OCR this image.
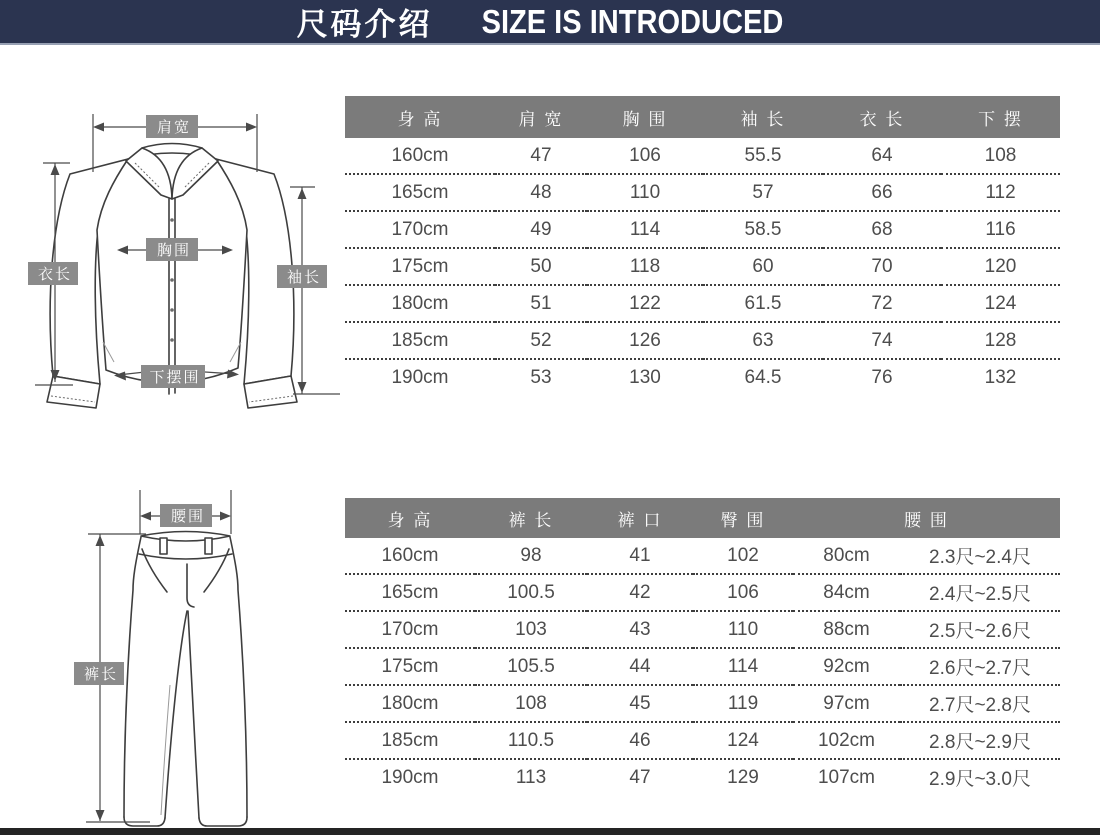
尺码介绍 SIZE IS INTRODUCED
肩宽
胸围
衣长	袖长
下摆围
身 高	肩 宽	胸 围	袖 长	衣 长	下 摆
160cm	47	106	55.5	64	108
165cm	48	110	57	66	112
170cm	49	114	58.5	68	116
175cm	50	118	60	70	120
180cm	51	122	61.5	72	124
185cm	52	126	63	74	128
190cm	53	130	64.5	76	132
腰围
裤长
身 高	裤 长	裤 口	臀 围	腰 围	
160cm	98	41	102	80cm	2.3尺~2.4尺
165cm	100.5	42	106	84cm	2.4尺~2.5尺
170cm	103	43	110	88cm	2.5尺~2.6尺
175cm	105.5	44	114	92cm	2.6尺~2.7尺
180cm	108	45	119	97cm	2.7尺~2.8尺
185cm	110.5	46	124	102cm	2.8尺~2.9尺
190cm	113	47	129	107cm	2.9尺~3.0尺
